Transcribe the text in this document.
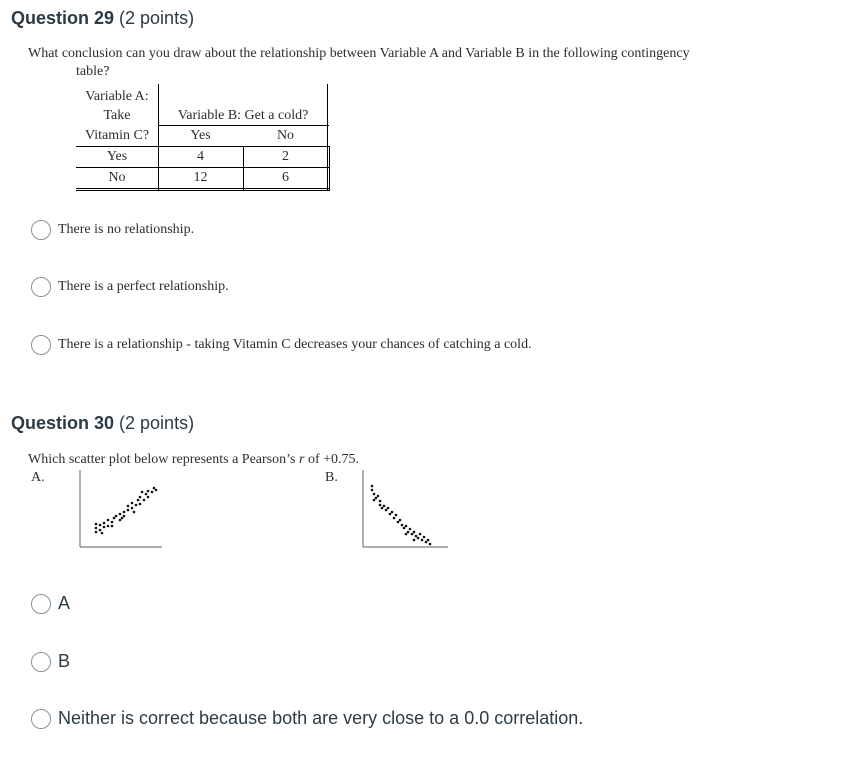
Question 29 (2 points)
What conclusion can you draw about the relationship between Variable A and Variable B in the following contingency
table?
Variable A:
Take
Vitamin C?
Variable B: Get a cold?
Yes	No
Yes	4	2
No	12	6
There is no relationship.
There is a perfect relationship.
There is a relationship - taking Vitamin C decreases your chances of catching a cold.
Question 30 (2 points)
Which scatter plot below represents a Pearson’s r of +0.75.
A.	B.
A
B
Neither is correct because both are very close to a 0.0 correlation.
